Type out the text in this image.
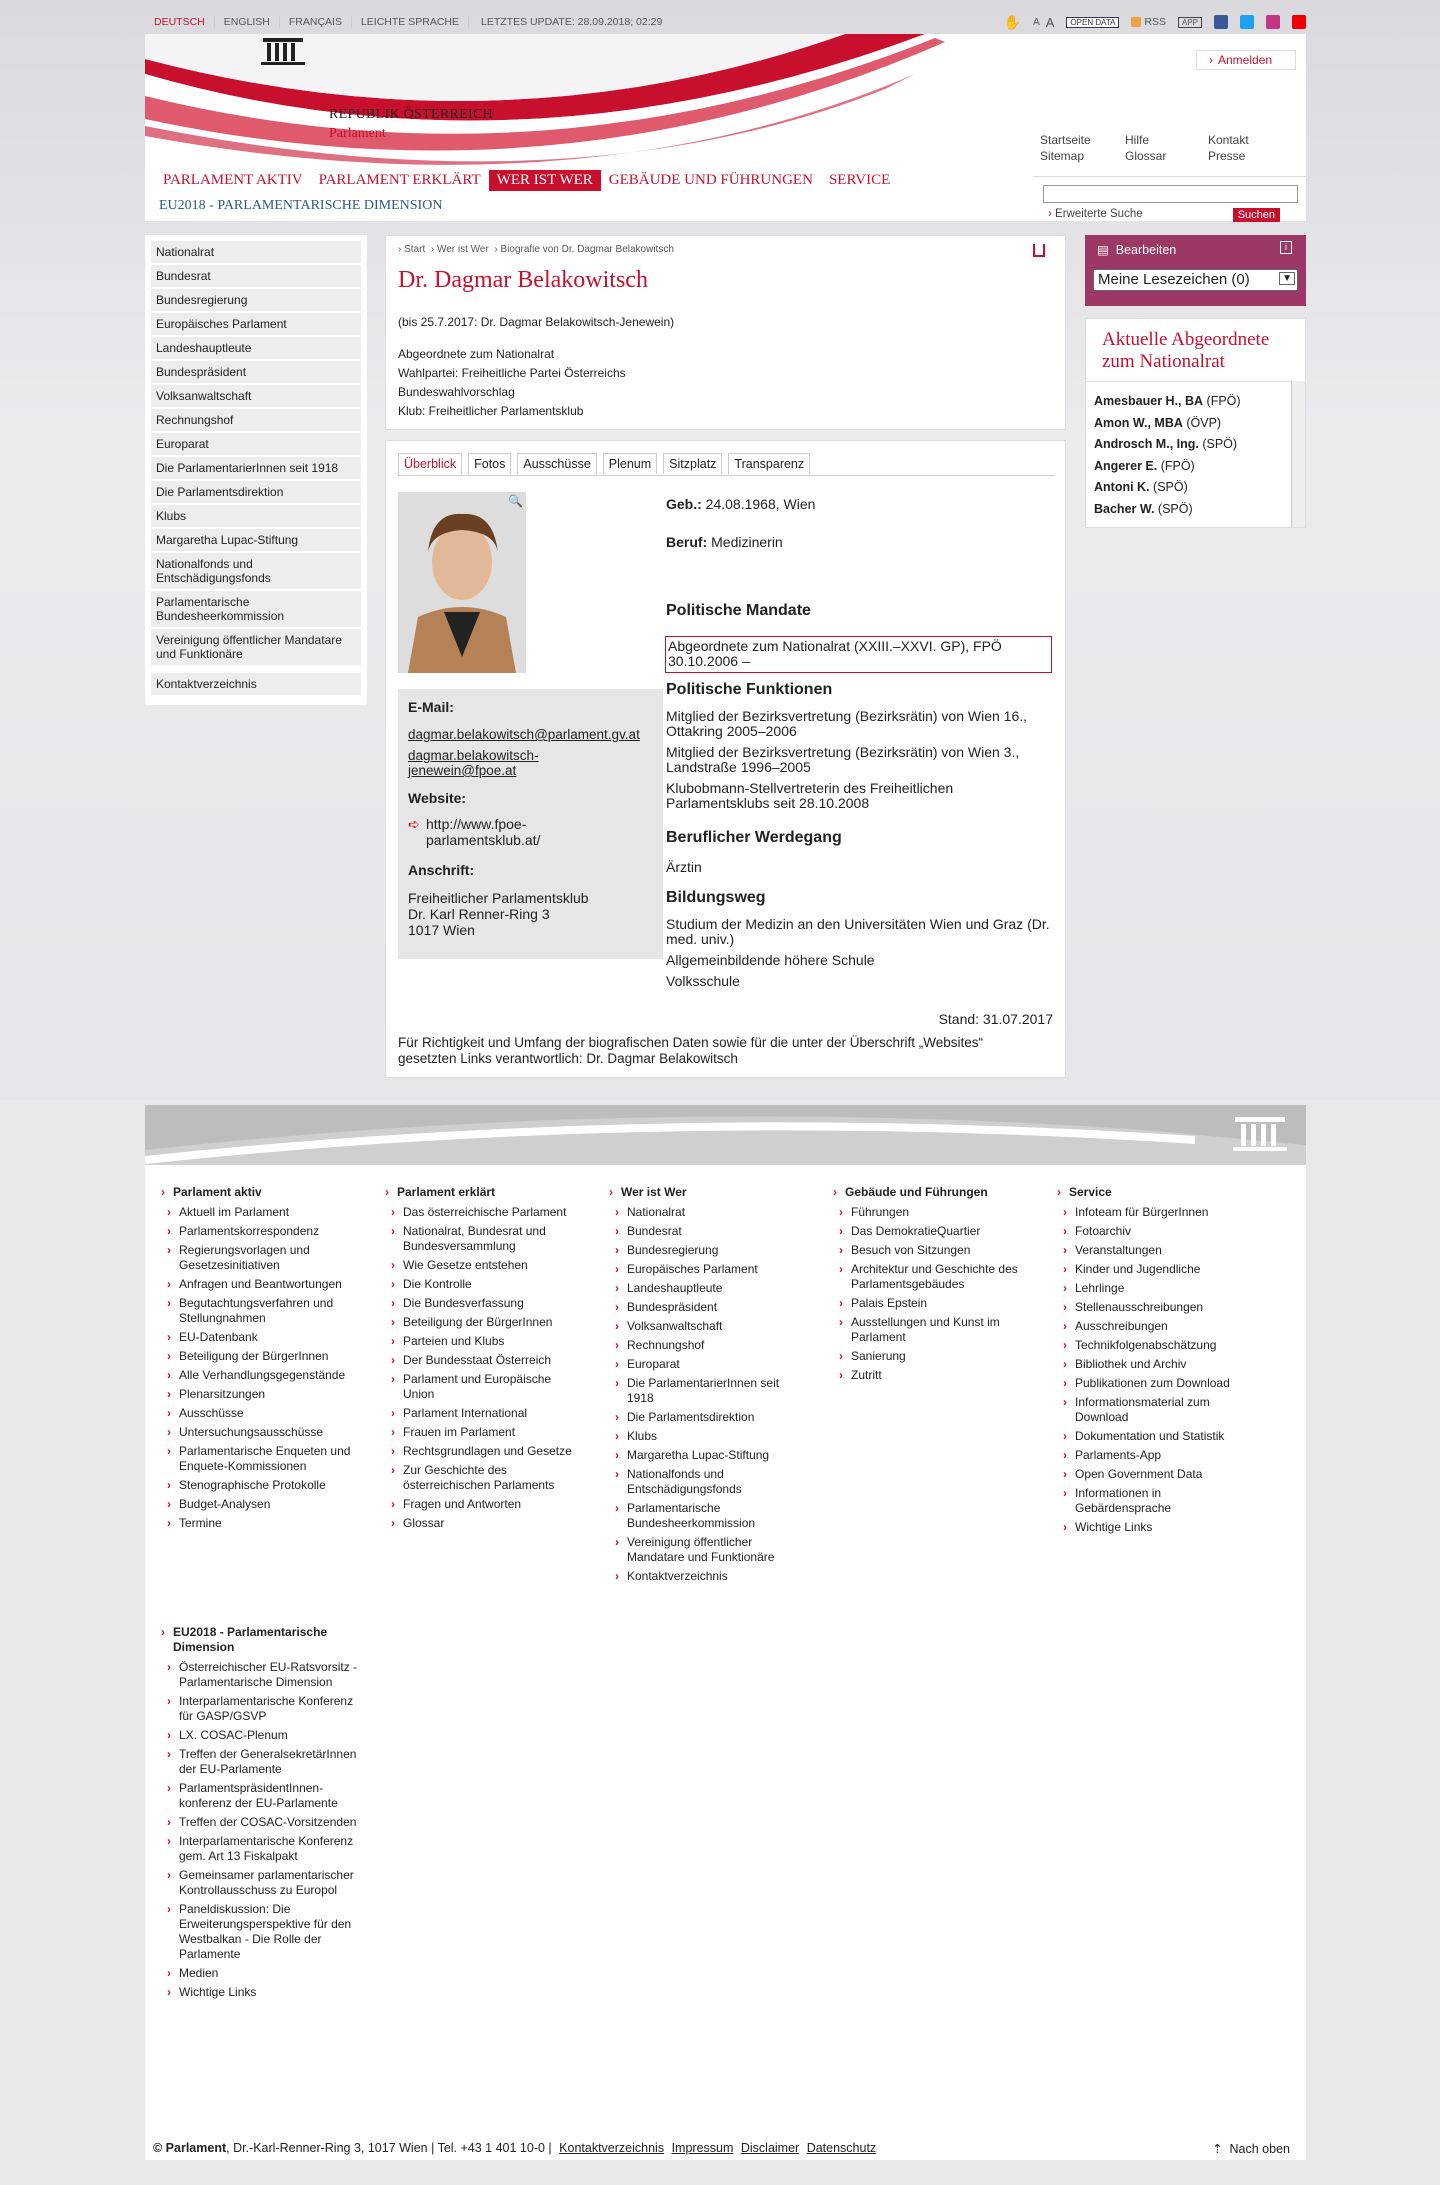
DEUTSCH	ENGLISH	FRANÇAIS	LEICHTE SPRACHE	LETZTES UPDATE: 28.09.2018; 02:29	✋ A A	OPEN DATA	RSS	APP
REPUBLIK ÖSTERREICH
Parlament
› Anmelden
Startseite
Sitemap
Hilfe
Glossar
Kontakt
Presse
PARLAMENT AKTIV	PARLAMENT ERKLÄRT	WER IST WER	GEBÄUDE UND FÜHRUNGEN	SERVICE
EU2018 - PARLAMENTARISCHE DIMENSION
› Erweiterte Suche	Suchen
Nationalrat
Bundesrat
Bundesregierung
Europäisches Parlament
Landeshauptleute
Bundespräsident
Volksanwaltschaft
Rechnungshof
Europarat
Die ParlamentarierInnen seit 1918
Die Parlamentsdirektion
Klubs
Margaretha Lupac-Stiftung
Nationalfonds und Entschädigungsfonds
Parlamentarische Bundesheerkommission
Vereinigung öffentlicher Mandatare und Funktionäre
Kontaktverzeichnis
› Start › Wer ist Wer › Biografie von Dr. Dagmar Belakowitsch
Dr. Dagmar Belakowitsch
(bis 25.7.2017: Dr. Dagmar Belakowitsch-Jenewein)
Abgeordnete zum Nationalrat
Wahlpartei: Freiheitliche Partei Österreichs
Bundeswahlvorschlag
Klub: Freiheitlicher Parlamentsklub
Überblick	Fotos	Ausschüsse	Plenum	Sitzplatz	Transparenz
🔍
E-Mail:
dagmar.belakowitsch@parlament.gv.at
dagmar.belakowitsch-
jenewein@fpoe.at
Website:
➪ http://www.fpoe-
parlamentsklub.at/
Anschrift:
Freiheitlicher Parlamentsklub
Dr. Karl Renner-Ring 3
1017 Wien
Geb.: 24.08.1968, Wien
Beruf: Medizinerin
Politische Mandate
Abgeordnete zum Nationalrat (XXIII.–XXVI. GP), FPÖ 30.10.2006 –
Politische Funktionen
Mitglied der Bezirksvertretung (Bezirksrätin) von Wien 16., Ottakring 2005–2006
Mitglied der Bezirksvertretung (Bezirksrätin) von Wien 3., Landstraße 1996–2005
Klubobmann-Stellvertreterin des Freiheitlichen Parlamentsklubs seit 28.10.2008
Beruflicher Werdegang
Ärztin
Bildungsweg
Studium der Medizin an den Universitäten Wien und Graz (Dr. med. univ.)
Allgemeinbildende höhere Schule
Volksschule
Stand: 31.07.2017
Für Richtigkeit und Umfang der biografischen Daten sowie für die unter der Überschrift „Websites“ gesetzten Links verantwortlich: Dr. Dagmar Belakowitsch
▤ Bearbeiten	i
Meine Lesezeichen (0)	▼
Aktuelle Abgeordnete zum Nationalrat
Amesbauer H., BA (FPÖ)
Amon W., MBA (ÖVP)
Androsch M., Ing. (SPÖ)
Angerer E. (FPÖ)
Antoni K. (SPÖ)
Bacher W. (SPÖ)
› Parlament aktiv
› Aktuell im Parlament
› Parlamentskorrespondenz
› Regierungsvorlagen und Gesetzesinitiativen
› Anfragen und Beantwortungen
› Begutachtungsverfahren und Stellungnahmen
› EU-Datenbank
› Beteiligung der BürgerInnen
› Alle Verhandlungsgegenstände
› Plenarsitzungen
› Ausschüsse
› Untersuchungsausschüsse
› Parlamentarische Enqueten und Enquete-Kommissionen
› Stenographische Protokolle
› Budget-Analysen
› Termine
› Parlament erklärt
› Das österreichische Parlament
› Nationalrat, Bundesrat und Bundesversammlung
› Wie Gesetze entstehen
› Die Kontrolle
› Die Bundesverfassung
› Beteiligung der BürgerInnen
› Parteien und Klubs
› Der Bundesstaat Österreich
› Parlament und Europäische Union
› Parlament International
› Frauen im Parlament
› Rechtsgrundlagen und Gesetze
› Zur Geschichte des österreichischen Parlaments
› Fragen und Antworten
› Glossar
› Wer ist Wer
› Nationalrat
› Bundesrat
› Bundesregierung
› Europäisches Parlament
› Landeshauptleute
› Bundespräsident
› Volksanwaltschaft
› Rechnungshof
› Europarat
› Die ParlamentarierInnen seit 1918
› Die Parlamentsdirektion
› Klubs
› Margaretha Lupac-Stiftung
› Nationalfonds und Entschädigungsfonds
› Parlamentarische Bundesheerkommission
› Vereinigung öffentlicher Mandatare und Funktionäre
› Kontaktverzeichnis
› Gebäude und Führungen
› Führungen
› Das DemokratieQuartier
› Besuch von Sitzungen
› Architektur und Geschichte des Parlamentsgebäudes
› Palais Epstein
› Ausstellungen und Kunst im Parlament
› Sanierung
› Zutritt
› Service
› Infoteam für BürgerInnen
› Fotoarchiv
› Veranstaltungen
› Kinder und Jugendliche
› Lehrlinge
› Stellenausschreibungen
› Ausschreibungen
› Technikfolgenabschätzung
› Bibliothek und Archiv
› Publikationen zum Download
› Informationsmaterial zum Download
› Dokumentation und Statistik
› Parlaments-App
› Open Government Data
› Informationen in Gebärdensprache
› Wichtige Links
› EU2018 - Parlamentarische Dimension
› Österreichischer EU-Ratsvorsitz - Parlamentarische Dimension
› Interparlamentarische Konferenz für GASP/GSVP
› LX. COSAC-Plenum
› Treffen der GeneralsekretärInnen der EU-Parlamente
› ParlamentspräsidentInnen-konferenz der EU-Parlamente
› Treffen der COSAC-Vorsitzenden
› Interparlamentarische Konferenz gem. Art 13 Fiskalpakt
› Gemeinsamer parlamentarischer Kontrollausschuss zu Europol
› Paneldiskussion: Die Erweiterungsperspektive für den Westbalkan - Die Rolle der Parlamente
› Medien
› Wichtige Links
© Parlament, Dr.-Karl-Renner-Ring 3, 1017 Wien | Tel. +43 1 401 10-0 | Kontaktverzeichnis Impressum Disclaimer Datenschutz	⇡ Nach oben
